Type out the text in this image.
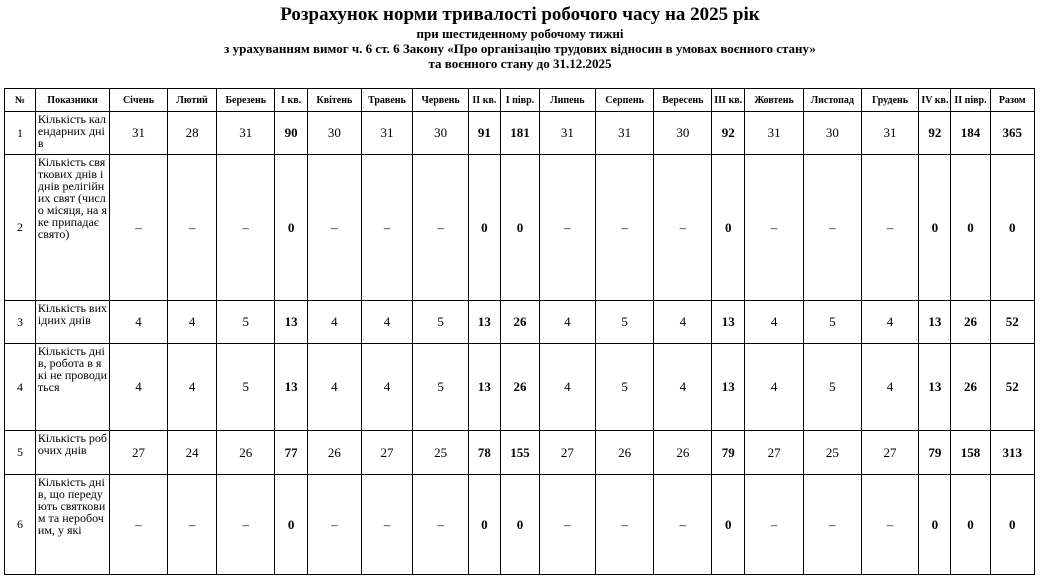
Розрахунок норми тривалості робочого часу на 2025 рік
при шестиденному робочому тижні
з урахуванням вимог ч. 6 ст. 6 Закону «Про організацію трудових відносин в умовах воєнного стану»
та воєнного стану до 31.12.2025
№	Показники	Січень	Лютий	Березень	I кв.	Квітень	Травень	Червень	II кв.	I півр.	Липень	Серпень	Вересень	III кв.	Жовтень	Листопад	Грудень	IV кв.	II півр.	Разом
1	Кількість календарних днів	31	28	31	90	30	31	30	91	181	31	31	30	92	31	30	31	92	184	365
2	Кількість святкових днів і днів релігійних свят (число місяця, на яке припадає свято)	–	–	–	0	–	–	–	0	0	–	–	–	0	–	–	–	0	0	0
3	Кількість вихідних днів	4	4	5	13	4	4	5	13	26	4	5	4	13	4	5	4	13	26	52
4	Кількість днів, робота в які не проводиться	4	4	5	13	4	4	5	13	26	4	5	4	13	4	5	4	13	26	52
5	Кількість робочих днів	27	24	26	77	26	27	25	78	155	27	26	26	79	27	25	27	79	158	313
6	Кількість днів, що передують святковим та неробочим, у які	–	–	–	0	–	–	–	0	0	–	–	–	0	–	–	–	0	0	0
